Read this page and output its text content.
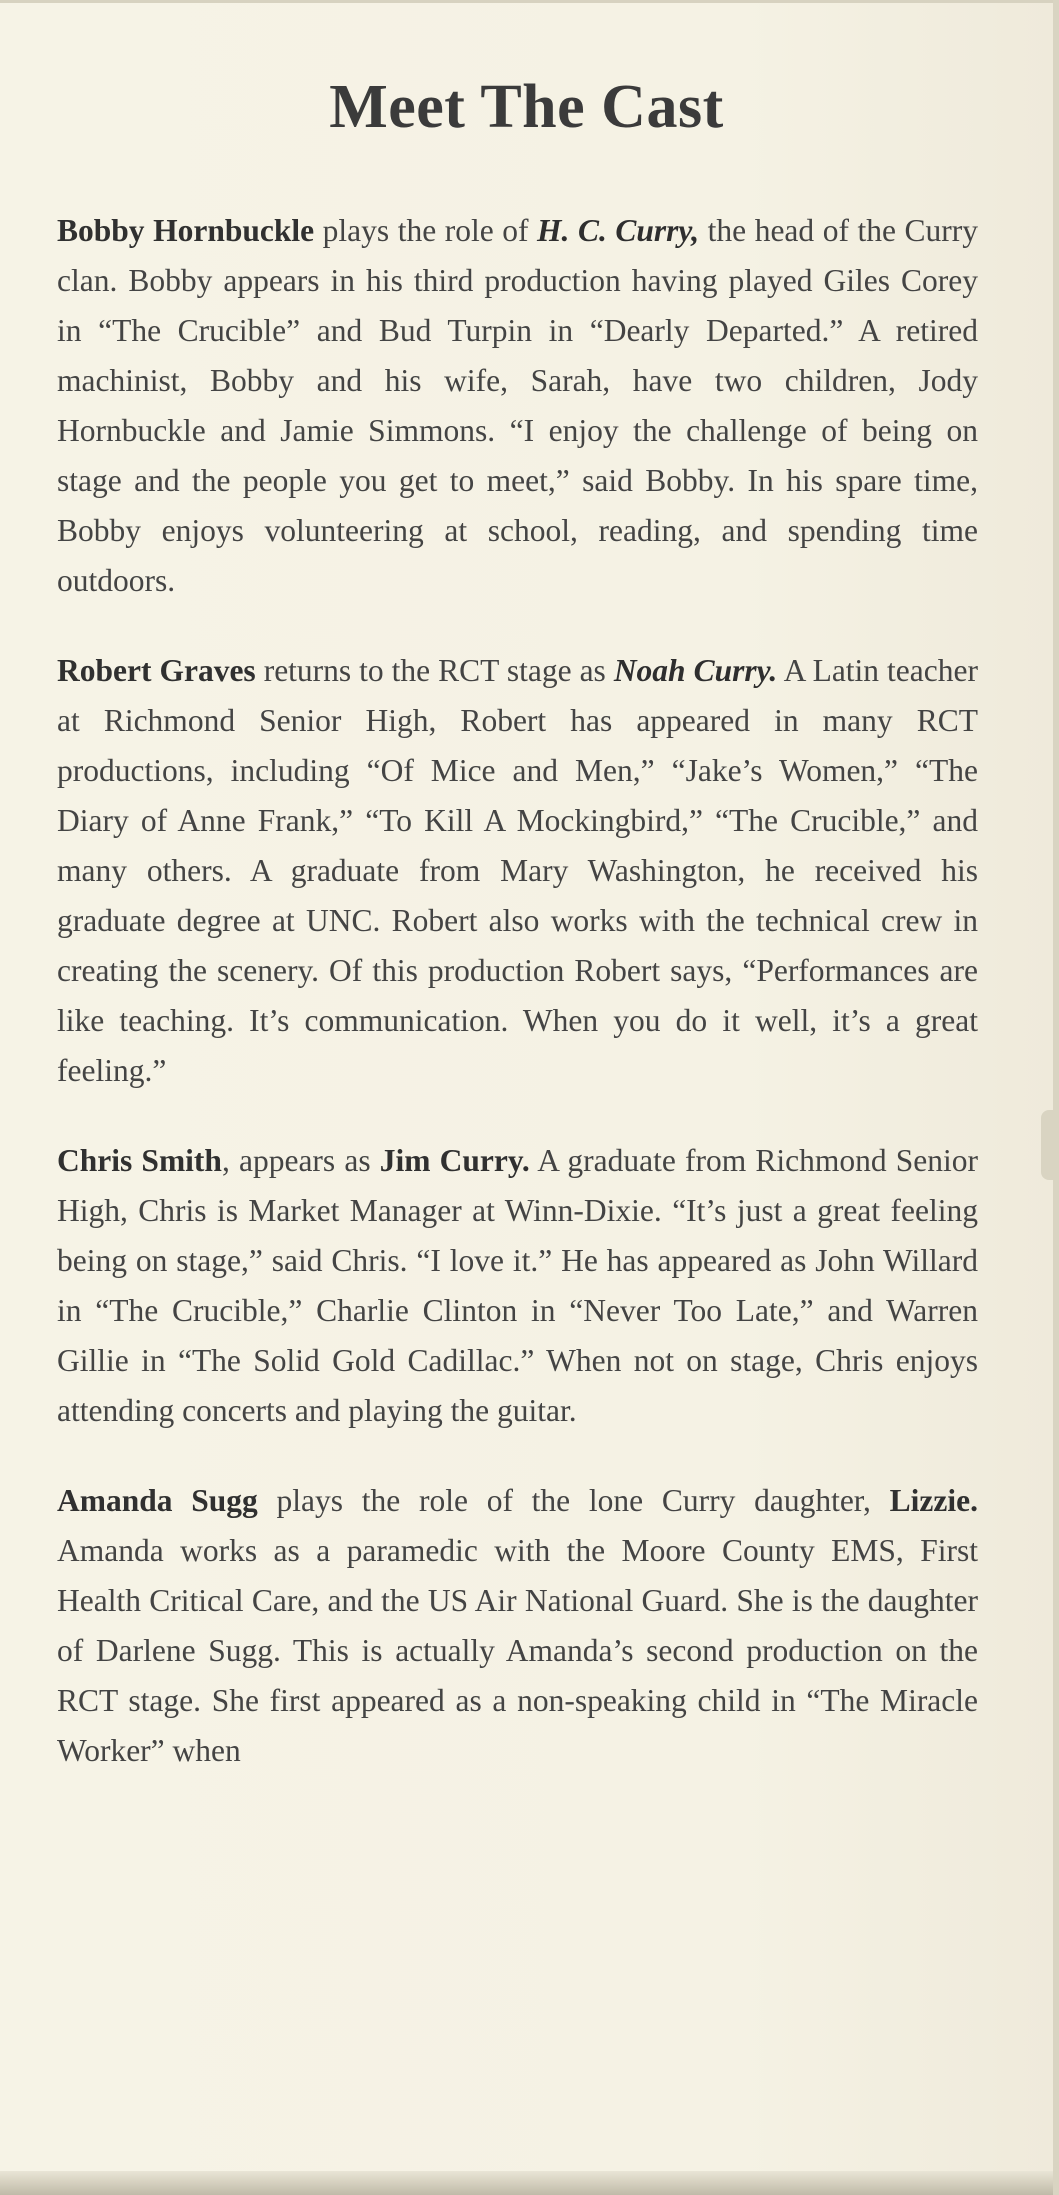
Meet The Cast

Bobby Hornbuckle plays the role of H. C. Curry, the head of the Curry clan. Bobby appears in his third production having played Giles Corey in “The Crucible” and Bud Turpin in “Dearly Departed.” A retired machinist, Bobby and his wife, Sarah, have two children, Jody Hornbuckle and Jamie Simmons. “I enjoy the challenge of being on stage and the people you get to meet,” said Bobby. In his spare time, Bobby enjoys volunteering at school, reading, and spending time outdoors.

Robert Graves returns to the RCT stage as Noah Curry. A Latin teacher at Richmond Senior High, Robert has appeared in many RCT productions, including “Of Mice and Men,” “Jake’s Women,” “The Diary of Anne Frank,” “To Kill A Mockingbird,” “The Crucible,” and many others. A graduate from Mary Washington, he received his graduate degree at UNC. Robert also works with the technical crew in creating the scenery. Of this production Robert says, “Performances are like teaching. It’s communication. When you do it well, it’s a great feeling.”

Chris Smith, appears as Jim Curry. A graduate from Richmond Senior High, Chris is Market Manager at Winn-Dixie. “It’s just a great feeling being on stage,” said Chris. “I love it.” He has appeared as John Willard in “The Crucible,” Charlie Clinton in “Never Too Late,” and Warren Gillie in “The Solid Gold Cadillac.” When not on stage, Chris enjoys attending concerts and playing the guitar.

Amanda Sugg plays the role of the lone Curry daughter, Lizzie. Amanda works as a paramedic with the Moore County EMS, First Health Critical Care, and the US Air National Guard. She is the daughter of Darlene Sugg. This is actually Amanda’s second production on the RCT stage. She first appeared as a non-speaking child in “The Miracle Worker” when
